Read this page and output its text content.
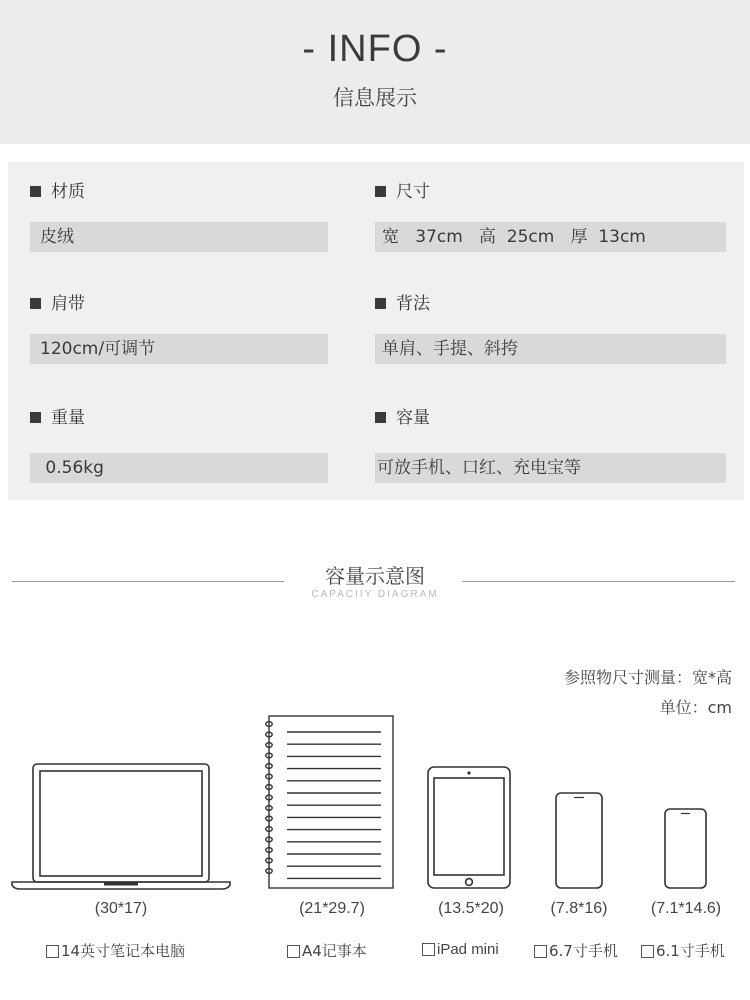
- INFO -
信息展示
材质
皮绒
肩带
120cm/可调节
重量
0.56kg
尺寸
宽   37cm   高  25cm   厚  13cm
背法
单肩、手提、斜挎
容量
可放手机、口红、充电宝等
容量示意图
CAPACIIY DIAGRAM
参照物尺寸测量：宽*高
单位：cm
(30*17)	(21*29.7)	(13.5*20)	(7.8*16)	(7.1*14.6)
14英寸笔记本电脑	A4记事本	iPad mini	6.7寸手机	6.1寸手机
